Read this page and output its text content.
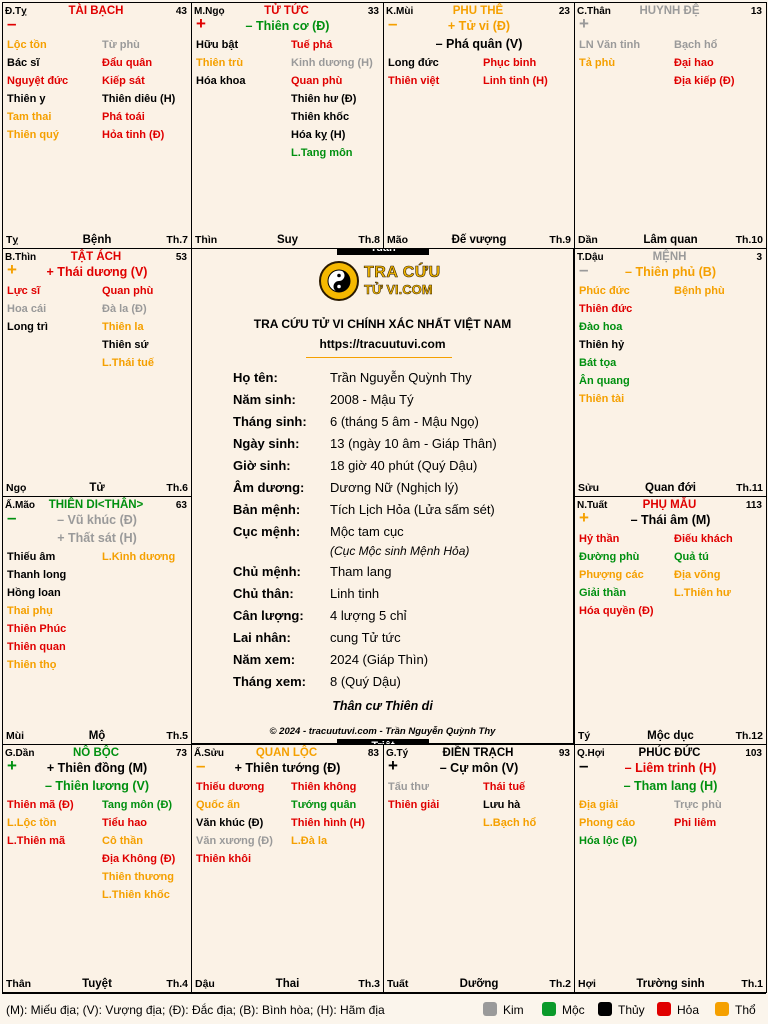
TRA CỨU
TỬ VI.COM
TRA CỨU TỬ VI CHÍNH XÁC NHẤT VIỆT NAM
https://tracuutuvi.com
Họ tên:	Trần Nguyễn Quỳnh Thy
Năm sinh:	2008 - Mậu Tý
Tháng sinh: 6 (tháng 5 âm - Mậu Ngọ)
Ngày sinh: 13 (ngày 10 âm - Giáp Thân)
Giờ sinh:	18 giờ 40 phút (Quý Dậu)
Âm dương: Dương Nữ (Nghịch lý)
Bản mệnh: Tích Lịch Hỏa (Lửa sấm sét)
Cục mệnh: Mộc tam cục
(Cục Mộc sinh Mệnh Hỏa)
Chủ mệnh: Tham lang
Chủ thân:	Linh tinh
Cân lượng: 4 lượng 5 chỉ
Lai nhân:	cung Tử tức
Năm xem:	2024 (Giáp Thìn)
Tháng xem: 8 (Quý Dậu)
Thân cư Thiên di
© 2024 - tracuutuvi.com - Trần Nguyễn Quỳnh Thy
(M): Miếu địa; (V): Vượng địa; (Đ): Đắc địa; (B): Bình hòa; (H): Hãm địa	Kim	Mộc	Thủy	Hỏa	Thổ
Đ.Tỵ	TÀI BẠCH	43
–
Lộc tồn
Bác sĩ
Nguyệt đức
Thiên y
Tam thai
Thiên quý
Từ phù
Đẩu quân
Kiếp sát
Thiên diêu (H)
Phá toái
Hỏa tinh (Đ)
Tỵ	Bệnh	Th.7
M.Ngọ	TỬ TỨC	33
+	– Thiên cơ (Đ)
Hữu bật
Thiên trù
Hóa khoa
Tuế phá
Kinh dương (H)
Quan phù
Thiên hư (Đ)
Thiên khốc
Hóa kỵ (H)
L.Tang môn
Thìn	Suy	Th.8
K.Mùi	PHU THÊ	23
–	+ Tử vi (Đ)
– Phá quân (V)
Long đức
Thiên việt
Phục binh
Linh tinh (H)
Mão	Đế vượng	Th.9
C.Thân	HUYNH ĐỆ	13
+
LN Văn tinh
Tả phù
Bạch hổ
Đại hao
Địa kiếp (Đ)
Dần	Lâm quan	Th.10
B.Thìn	TẬT ÁCH	53
+	+ Thái dương (V)
Lực sĩ
Hoa cái
Long trì
Quan phù
Đà la (Đ)
Thiên la
Thiên sứ
L.Thái tuế
Ngọ	Tử	Th.6
T.Dậu	MỆNH	3
–	– Thiên phủ (B)
Phúc đức
Thiên đức
Đào hoa
Thiên hỷ
Bát tọa
Ân quang
Thiên tài
Bệnh phù
Sửu	Quan đới	Th.11
Ấ.Mão	THIÊN DI<THÂN>	63
–	– Vũ khúc (Đ)
+ Thất sát (H)
Thiếu âm
Thanh long
Hồng loan
Thai phụ
Thiên Phúc
Thiên quan
Thiên thọ
L.Kình dương
Mùi	Mộ	Th.5
N.Tuất	PHỤ MẪU	113
+	– Thái âm (M)
Hỷ thần
Đường phù
Phượng các
Giải thần
Hóa quyền (Đ)
Điếu khách
Quả tú
Địa võng
L.Thiên hư
Tý	Mộc dục	Th.12
G.Dần	NÔ BỘC	73
+	+ Thiên đồng (M)
– Thiên lương (V)
Thiên mã (Đ)
L.Lộc tồn
L.Thiên mã
Tang môn (Đ)
Tiểu hao
Cô thần
Địa Không (Đ)
Thiên thương
L.Thiên khốc
Thân	Tuyệt	Th.4
Ấ.Sửu	QUAN LỘC	83
–	+ Thiên tướng (Đ)
Thiếu dương
Quốc ấn
Văn khúc (Đ)
Văn xương (Đ)
Thiên khôi
Thiên không
Tướng quân
Thiên hình (H)
L.Đà la
Dậu	Thai	Th.3
G.Tý	ĐIỀN TRẠCH	93
+	– Cự môn (V)
Tấu thư
Thiên giải
Thái tuế
Lưu hà
L.Bạch hổ
Tuất	Dưỡng	Th.2
Q.Hợi	PHÚC ĐỨC	103
–	– Liêm trinh (H)
– Tham lang (H)
Địa giải
Phong cáo
Hóa lộc (Đ)
Trực phù
Phi liêm
Hợi	Trường sinh	Th.1
